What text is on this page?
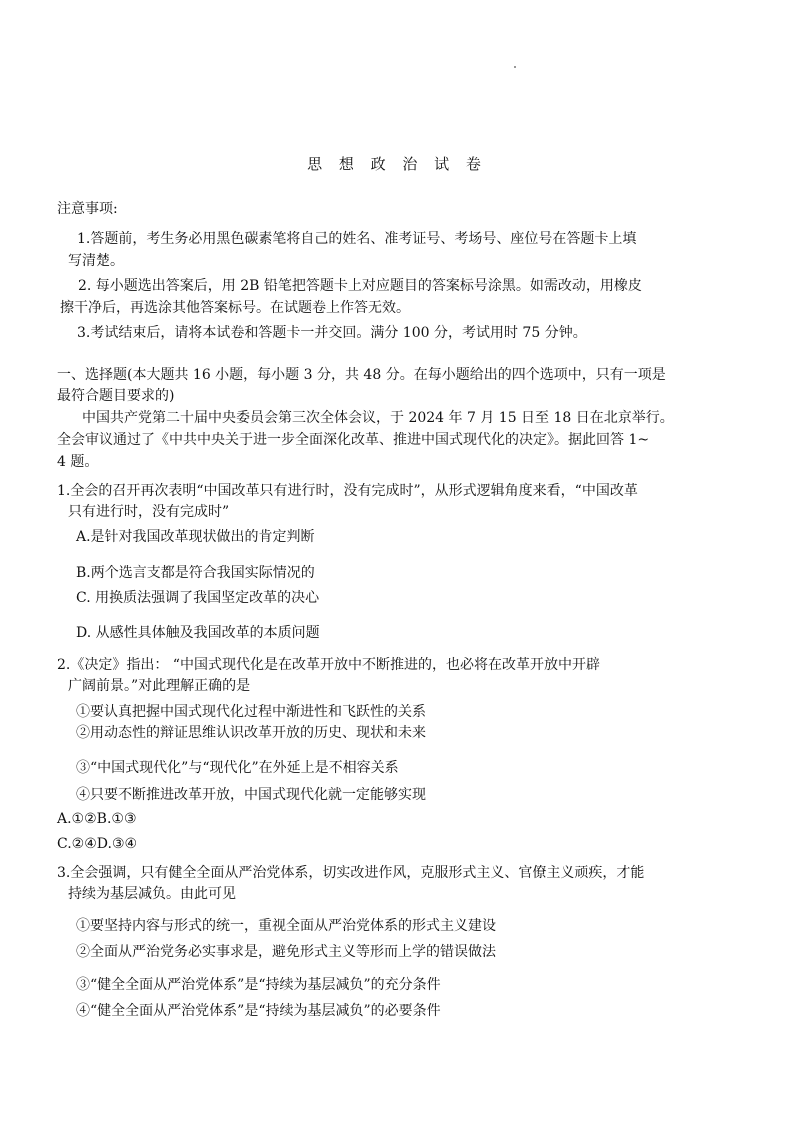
思 想 政 治 试 卷

注意事项:

1.答题前，考生务必用黑色碳素笔将自己的姓名、准考证号、考场号、座位号在答题卡上填

写清楚。

2. 每小题选出答案后，用 2B 铅笔把答题卡上对应题目的答案标号涂黑。如需改动，用橡皮

擦干净后，再选涂其他答案标号。在试题卷上作答无效。

3.考试结束后，请将本试卷和答题卡一并交回。满分 100 分，考试用时 75 分钟。

一、选择题(本大题共 16 小题，每小题 3 分，共 48 分。在每小题给出的四个选项中，只有一项是

最符合题目要求的)

中国共产党第二十届中央委员会第三次全体会议，于 2024 年 7 月 15 日至 18 日在北京举行。

全会审议通过了《中共中央关于进一步全面深化改革、推进中国式现代化的决定》。据此回答 1~

4 题。

1.全会的召开再次表明“中国改革只有进行时，没有完成时”，从形式逻辑角度来看，“中国改革

只有进行时，没有完成时”

A.是针对我国改革现状做出的肯定判断

B.两个选言支都是符合我国实际情况的

C. 用换质法强调了我国坚定改革的决心

D. 从感性具体触及我国改革的本质问题

2.《决定》指出： “中国式现代化是在改革开放中不断推进的，也必将在改革开放中开辟

广阔前景。”对此理解正确的是

①要认真把握中国式现代化过程中渐进性和飞跃性的关系

②用动态性的辩证思维认识改革开放的历史、现状和未来

③“中国式现代化”与“现代化”在外延上是不相容关系

④只要不断推进改革开放，中国式现代化就一定能够实现

A.①②B.①③

C.②④D.③④

3.全会强调，只有健全全面从严治党体系，切实改进作风，克服形式主义、官僚主义顽疾，才能

持续为基层减负。由此可见

①要坚持内容与形式的统一，重视全面从严治党体系的形式主义建设

②全面从严治党务必实事求是，避免形式主义等形而上学的错误做法

③“健全全面从严治党体系”是“持续为基层减负”的充分条件

④“健全全面从严治党体系”是“持续为基层减负”的必要条件
